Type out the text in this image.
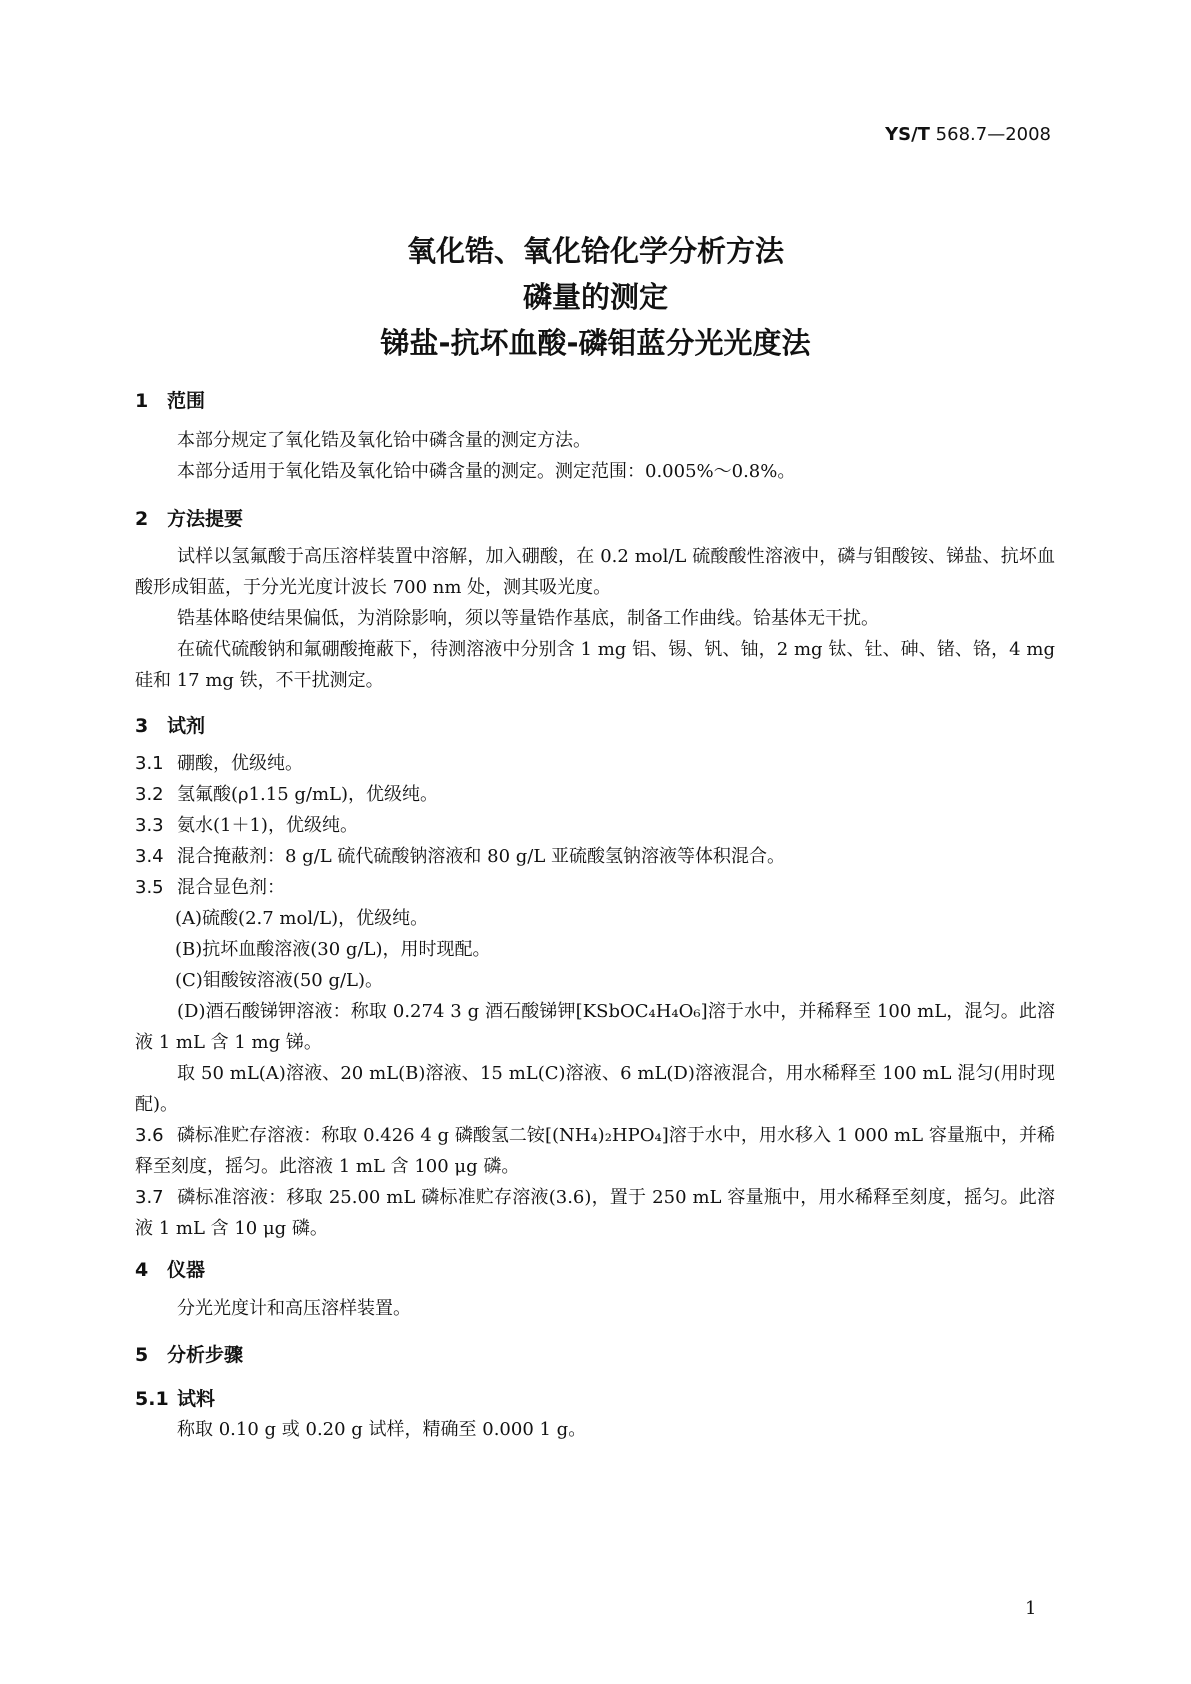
YS/T 568.7—2008
氧化锆、氧化铪化学分析方法
磷量的测定
锑盐-抗坏血酸-磷钼蓝分光光度法
1 范围
本部分规定了氧化锆及氧化铪中磷含量的测定方法。
本部分适用于氧化锆及氧化铪中磷含量的测定。测定范围：0.005%～0.8%。
2 方法提要
试样以氢氟酸于高压溶样装置中溶解，加入硼酸，在 0.2 mol/L 硫酸酸性溶液中，磷与钼酸铵、锑盐、抗坏血酸形成钼蓝，于分光光度计波长 700 nm 处，测其吸光度。
锆基体略使结果偏低，为消除影响，须以等量锆作基底，制备工作曲线。铪基体无干扰。
在硫代硫酸钠和氟硼酸掩蔽下，待测溶液中分别含 1 mg 铝、锡、钒、铀，2 mg 钛、钍、砷、锗、铬，4 mg 硅和 17 mg 铁，不干扰测定。
3 试剂
3.1 硼酸，优级纯。
3.2 氢氟酸(ρ1.15 g/mL)，优级纯。
3.3 氨水(1＋1)，优级纯。
3.4 混合掩蔽剂：8 g/L 硫代硫酸钠溶液和 80 g/L 亚硫酸氢钠溶液等体积混合。
3.5 混合显色剂：
(A)硫酸(2.7 mol/L)，优级纯。
(B)抗坏血酸溶液(30 g/L)，用时现配。
(C)钼酸铵溶液(50 g/L)。
(D)酒石酸锑钾溶液：称取 0.274 3 g 酒石酸锑钾[KSbOC₄H₄O₆]溶于水中，并稀释至 100 mL，混匀。此溶液 1 mL 含 1 mg 锑。
取 50 mL(A)溶液、20 mL(B)溶液、15 mL(C)溶液、6 mL(D)溶液混合，用水稀释至 100 mL 混匀(用时现配)。
3.6 磷标准贮存溶液：称取 0.426 4 g 磷酸氢二铵[(NH₄)₂HPO₄]溶于水中，用水移入 1 000 mL 容量瓶中，并稀释至刻度，摇匀。此溶液 1 mL 含 100 μg 磷。
3.7 磷标准溶液：移取 25.00 mL 磷标准贮存溶液(3.6)，置于 250 mL 容量瓶中，用水稀释至刻度，摇匀。此溶液 1 mL 含 10 μg 磷。
4 仪器
分光光度计和高压溶样装置。
5 分析步骤
5.1 试料
称取 0.10 g 或 0.20 g 试样，精确至 0.000 1 g。
1
